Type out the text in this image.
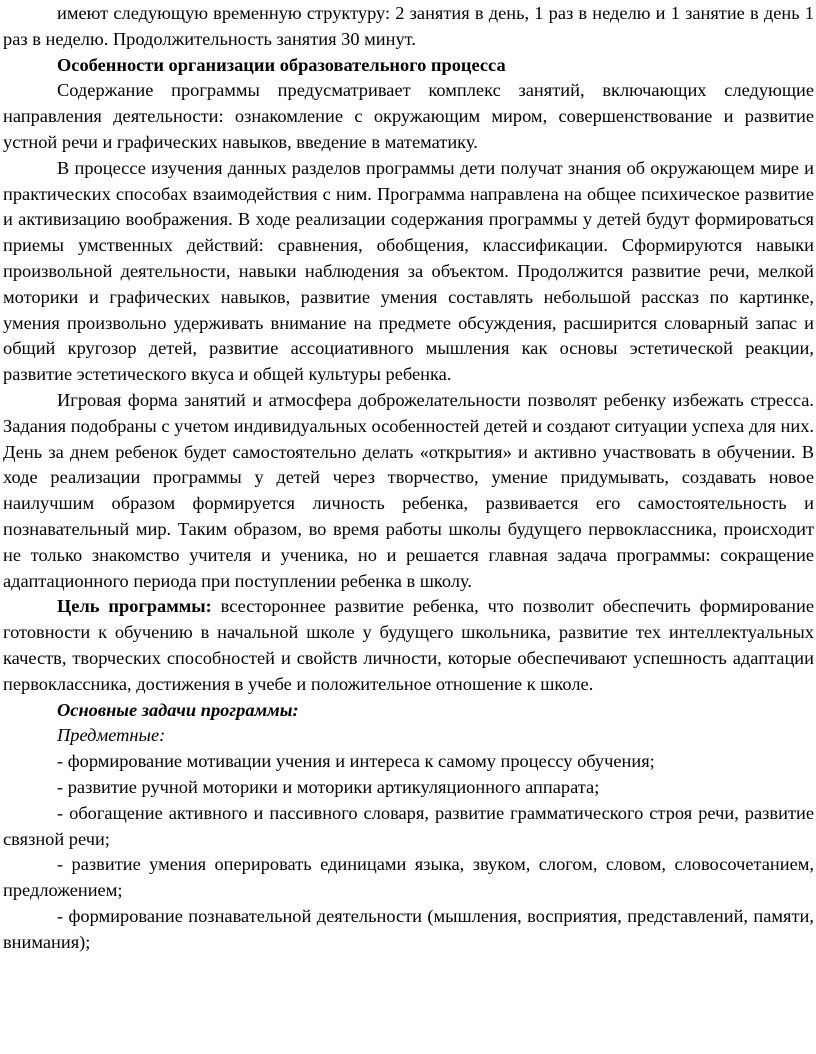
имеют следующую временную структуру: 2 занятия в день, 1 раз в неделю и 1 занятие в день 1 раз в неделю. Продолжительность занятия 30 минут.

Особенности организации образовательного процесса

Содержание программы предусматривает комплекс занятий, включающих следующие направления деятельности: ознакомление с окружающим миром, совершенствование и развитие устной речи и графических навыков, введение в математику.

В процессе изучения данных разделов программы дети получат знания об окружающем мире и практических способах взаимодействия с ним. Программа направлена на общее психическое развитие и активизацию воображения. В ходе реализации содержания программы у детей будут формироваться приемы умственных действий: сравнения, обобщения, классификации. Сформируются навыки произвольной деятельности, навыки наблюдения за объектом. Продолжится развитие речи, мелкой моторики и графических навыков, развитие умения составлять небольшой рассказ по картинке, умения произвольно удерживать внимание на предмете обсуждения, расширится словарный запас и общий кругозор детей, развитие ассоциативного мышления как основы эстетической реакции, развитие эстетического вкуса и общей культуры ребенка.

Игровая форма занятий и атмосфера доброжелательности позволят ребенку избежать стресса. Задания подобраны с учетом индивидуальных особенностей детей и создают ситуации успеха для них. День за днем ребенок будет самостоятельно делать «открытия» и активно участвовать в обучении. В ходе реализации программы у детей через творчество, умение придумывать, создавать новое наилучшим образом формируется личность ребенка, развивается его самостоятельность и познавательный мир. Таким образом, во время работы школы будущего первоклассника, происходит не только знакомство учителя и ученика, но и решается главная задача программы: сокращение адаптационного периода при поступлении ребенка в школу.

Цель программы: всестороннее развитие ребенка, что позволит обеспечить формирование готовности к обучению в начальной школе у будущего школьника, развитие тех интеллектуальных качеств, творческих способностей и свойств личности, которые обеспечивают успешность адаптации первоклассника, достижения в учебе и положительное отношение к школе.

Основные задачи программы:

Предметные:

- формирование мотивации учения и интереса к самому процессу обучения;

- развитие ручной моторики и моторики артикуляционного аппарата;

- обогащение активного и пассивного словаря, развитие грамматического строя речи, развитие связной речи;

- развитие умения оперировать единицами языка, звуком, слогом, словом, словосочетанием, предложением;

- формирование познавательной деятельности (мышления, восприятия, представлений, памяти, внимания);
